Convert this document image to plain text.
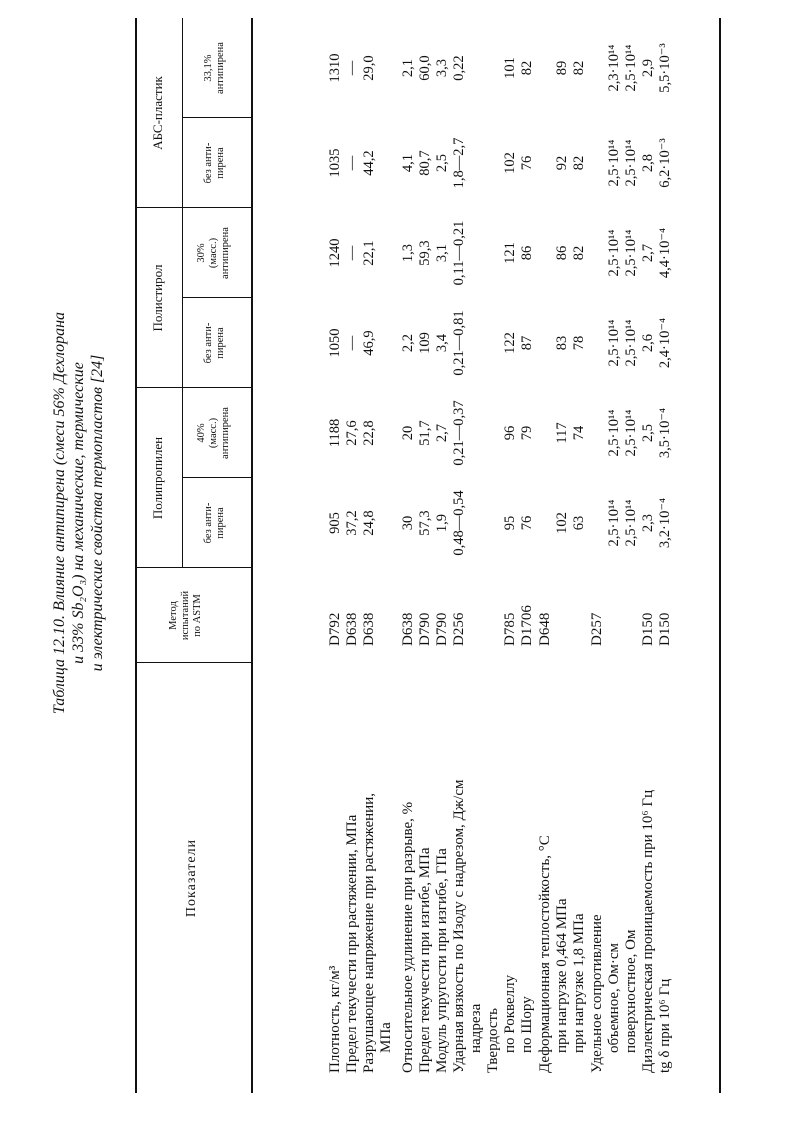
Таблица 12.10. Влияние антипирена (смеси 56% Дехлорана и 33% Sb₂O₃) на механические, термические и электрические свойства термопластов [24]
Показатели
Метод испытаний по ASTM
Полипропилен
Полистирол
АБС-пластик
без анти- пирена
40% (масс.) антипирена
без анти- пирена
30% (масс.) антипирена
без анти- пирена
33,1% антипирена
Плотность, кг/м³
D792
905
1188
1050
1240
1035
1310
Предел текучести при растяжении, МПа
D638
37,2
27,6
—
—
—
—
Разрушающее напряжение при растяжении,
D638
24,8
22,8
46,9
22,1
44,2
29,0
МПа Относительное удлинение при разрыве, %
D638
30
20
2,2
1,3
4,1
2,1
Предел текучести при изгибе, МПа
D790
57,3
51,7
109
59,3
80,7
60,0
Модуль упругости при изгибе, ГПа
D790
1,9
2,7
3,4
3,1
2,5
3,3
Ударная вязкость по Изоду с надрезом, Дж/см
D256
0,48—0,54
0,21—0,37
0,21—0,81
0,11—0,21
1,8—2,7
0,22
надреза Твердость по Роквеллу
D785
95
96
122
121
102
101
по Шору
D1706
76
79
87
86
76
82
Деформационная теплостойкость, °С
D648
при нагрузке 0,464 МПа
102
117
83
86
92
89
при нагрузке 1,8 МПа
63
74
78
82
82
82
Удельное сопротивление
D257
объемное, Ом·см
2,5·10¹⁴
2,5·10¹⁴
2,5·10¹⁴
2,5·10¹⁴
2,5·10¹⁴
2,3·10¹⁴
поверхностное, Ом
2,5·10¹⁴
2,5·10¹⁴
2,5·10¹⁴
2,5·10¹⁴
2,5·10¹⁴
2,5·10¹⁴
Диэлектрическая проницаемость при 10⁶ Гц
D150
2,3
2,5
2,6
2,7
2,8
2,9
tg δ при 10⁶ Гц
D150
3,2·10⁻⁴
3,5·10⁻⁴
2,4·10⁻⁴
4,4·10⁻⁴
6,2·10⁻³
5,5·10⁻³
